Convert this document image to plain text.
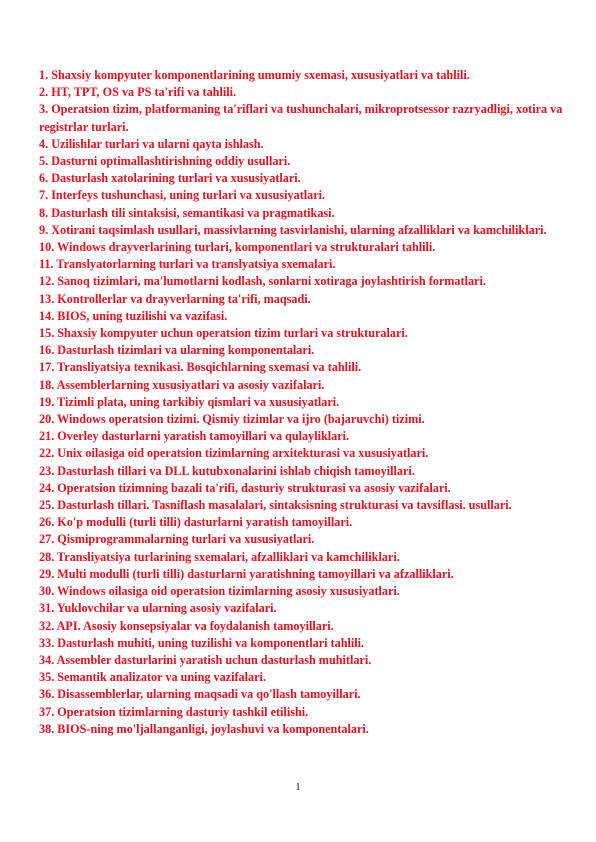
1. Shaxsiy kompyuter komponentlarining umumiy sxemasi, xususiyatlari va tahlili.
2. HT, TPT, OS va PS ta'rifi va tahlili.
3. Operatsion tizim, platformaning ta'riflari va tushunchalari, mikroprotsessor razryadligi, xotira va registrlar turlari.
4. Uzilishlar turlari va ularni qayta ishlash.
5. Dasturni optimallashtirishning oddiy usullari.
6. Dasturlash xatolarining turlari va xususiyatlari.
7. Interfeys tushunchasi, uning turlari va xususiyatlari.
8. Dasturlash tili sintaksisi, semantikasi va pragmatikasi.
9. Xotirani taqsimlash usullari, massivlarning tasvirlanishi, ularning afzalliklari va kamchiliklari.
10. Windows drayverlarining turlari, komponentlari va strukturalari tahlili.
11. Translyatorlarning turlari va translyatsiya sxemalari.
12. Sanoq tizimlari, ma'lumotlarni kodlash, sonlarni xotiraga joylashtirish formatlari.
13. Kontrollerlar va drayverlarning ta'rifi, maqsadi.
14. BIOS, uning tuzilishi va vazifasi.
15. Shaxsiy kompyuter uchun operatsion tizim turlari va strukturalari.
16. Dasturlash tizimlari va ularning komponentalari.
17. Transliyatsiya texnikasi. Bosqichlarning sxemasi va tahlili.
18. Assemblerlarning xususiyatlari va asosiy vazifalari.
19. Tizimli plata, uning tarkibiy qismlari va xususiyatlari.
20. Windows operatsion tizimi. Qismiy tizimlar va ijro (bajaruvchi) tizimi.
21. Overley dasturlarni yaratish tamoyillari va qulayliklari.
22. Unix oilasiga oid operatsion tizimlarning arxitekturasi va xususiyatlari.
23. Dasturlash tillari va DLL kutubxonalarini ishlab chiqish tamoyillari.
24. Operatsion tizimning bazali ta'rifi, dasturiy strukturasi va asosiy vazifalari.
25. Dasturlash tillari. Tasniflash masalalari, sintaksisning strukturasi va tavsiflasi. usullari.
26. Ko'p modulli (turli tilli) dasturlarni yaratish tamoyillari.
27. Qismiprogrammalarning turlari va xususiyatlari.
28. Transliyatsiya turlarining sxemalari, afzalliklari va kamchiliklari.
29. Multi modulli (turli tilli) dasturlarni yaratishning tamoyillari va afzalliklari.
30. Windows oilasiga oid operatsion tizimlarning asosiy xususiyatlari.
31. Yuklovchilar va ularning asosiy vazifalari.
32. API. Asosiy konsepsiyalar va foydalanish tamoyillari.
33. Dasturlash muhiti, uning tuzilishi va komponentlari tahlili.
34. Assembler dasturlarini yaratish uchun dasturlash muhitlari.
35. Semantik analizator va uning vazifalari.
36. Disassemblerlar, ularning maqsadi va qo'llash tamoyillari.
37. Operatsion tizimlarning dasturiy tashkil etilishi.
38. BIOS-ning mo'ljallanganligi, joylashuvi va komponentalari.
1
